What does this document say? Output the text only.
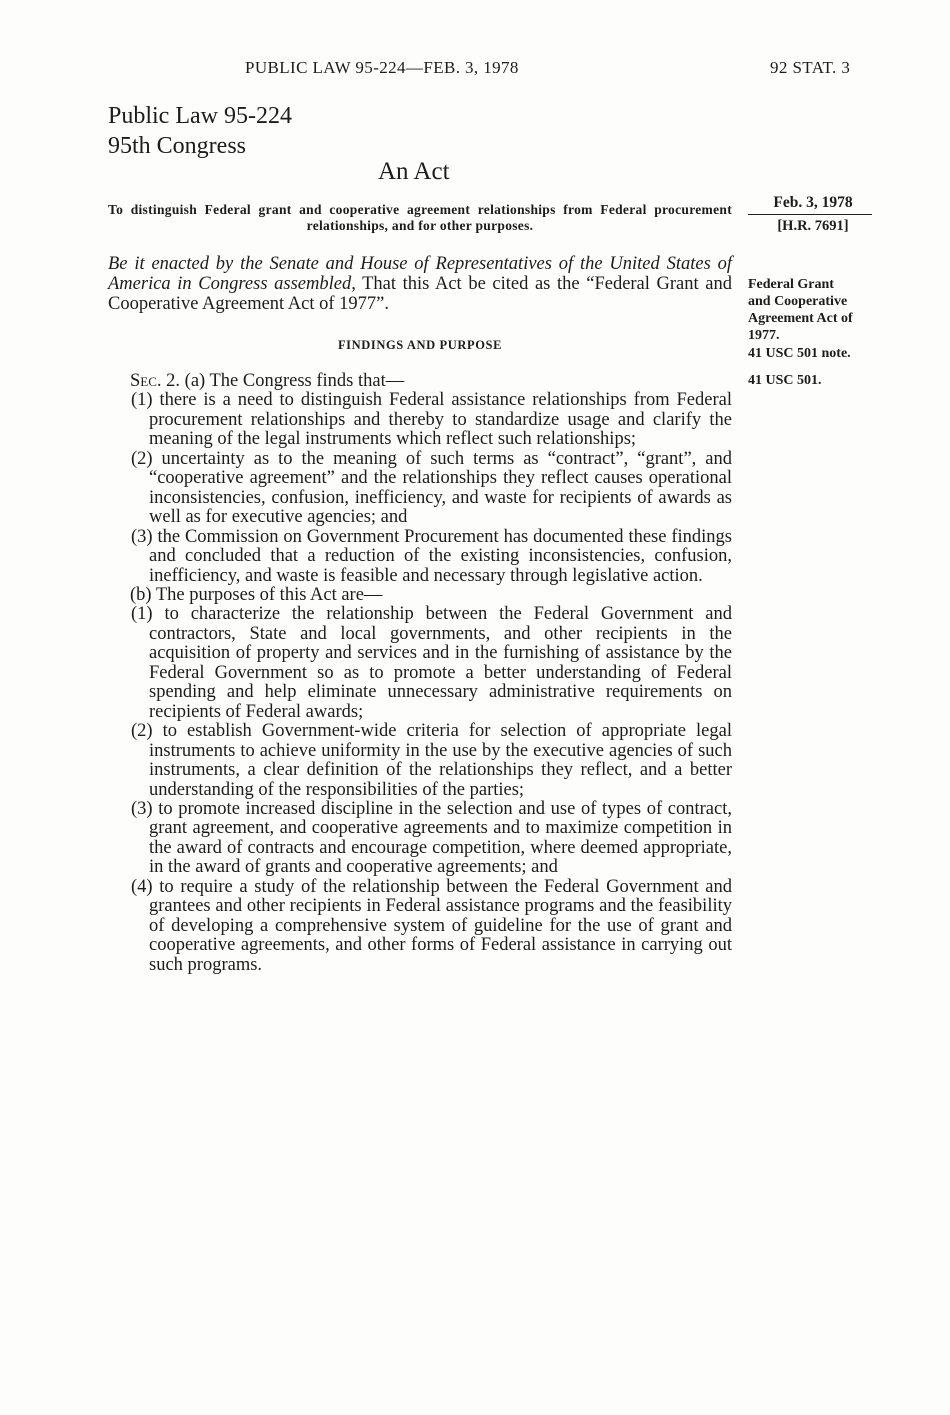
PUBLIC LAW 95-224—FEB. 3, 1978	92 STAT. 3
Public Law 95-224
95th Congress
An Act
To distinguish Federal grant and cooperative agreement relationships from Federal procurement relationships, and for other purposes.
Feb. 3, 1978
[H.R. 7691]
Be it enacted by the Senate and House of Representatives of the United States of America in Congress assembled, That this Act be cited as the “Federal Grant and Cooperative Agreement Act of 1977”.
Federal Grant
and Cooperative
Agreement Act of
1977.
41 USC 501 note.
41 USC 501.
FINDINGS AND PURPOSE

Sec. 2. (a) The Congress finds that—

(1) there is a need to distinguish Federal assistance relationships from Federal procurement relationships and thereby to standardize usage and clarify the meaning of the legal instruments which reflect such relationships;

(2) uncertainty as to the meaning of such terms as “contract”, “grant”, and “cooperative agreement” and the relationships they reflect causes operational inconsistencies, confusion, inefficiency, and waste for recipients of awards as well as for executive agencies; and

(3) the Commission on Government Procurement has documented these findings and concluded that a reduction of the existing inconsistencies, confusion, inefficiency, and waste is feasible and necessary through legislative action.

(b) The purposes of this Act are—

(1) to characterize the relationship between the Federal Government and contractors, State and local governments, and other recipients in the acquisition of property and services and in the furnishing of assistance by the Federal Government so as to promote a better understanding of Federal spending and help eliminate unnecessary administrative requirements on recipients of Federal awards;

(2) to establish Government-wide criteria for selection of appropriate legal instruments to achieve uniformity in the use by the executive agencies of such instruments, a clear definition of the relationships they reflect, and a better understanding of the responsibilities of the parties;

(3) to promote increased discipline in the selection and use of types of contract, grant agreement, and cooperative agreements and to maximize competition in the award of contracts and encourage competition, where deemed appropriate, in the award of grants and cooperative agreements; and

(4) to require a study of the relationship between the Federal Government and grantees and other recipients in Federal assistance programs and the feasibility of developing a comprehensive system of guideline for the use of grant and cooperative agreements, and other forms of Federal assistance in carrying out such programs.
